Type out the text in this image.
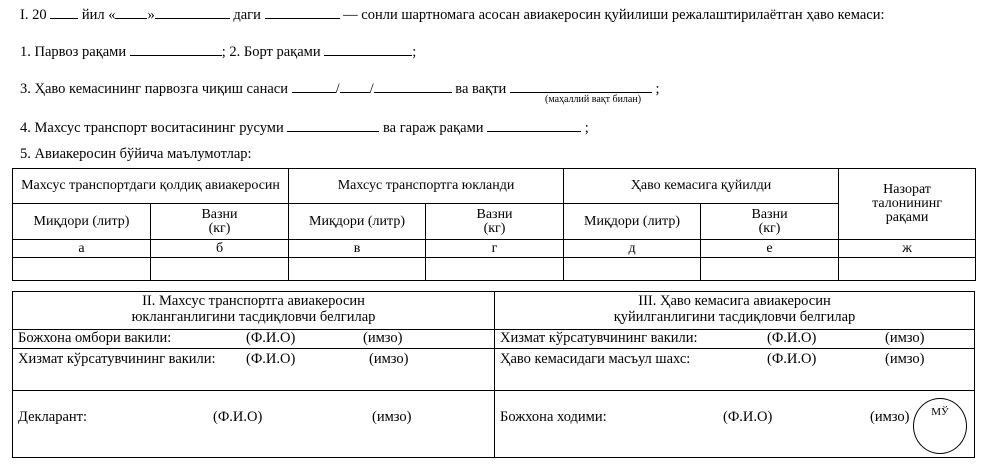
I. 20 йил « »	даги	— сонли шартномага асосан авиакеросин қуйилиши режалаштирилаётган ҳаво кемаси:
1. Парвоз рақами	; 2. Борт рақами	;
3. Ҳаво кемасининг парвозга чиқиш санаси	/ /	ва вақти	;
(маҳаллий вақт билан)
4. Махсус транспорт воситасининг русуми	ва гараж рақами	;
5. Авиакеросин бўйича маълумотлар:
Махсус транспортдаги қолдиқ авиакеросин		Махсус транспортга юкланди		Ҳаво кемасига қуйилди		Назорат талонининг рақами
Миқдори (литр)	Вазни (кг)	Миқдори (литр)	Вазни (кг)	Миқдори (литр)	Вазни (кг)	
а	б	в	г	д	е	ж

II. Махсус транспортга авиакеросин юкланганлигини тасдиқловчи белгилар
Божхона омбори вакили:	(Ф.И.О)	(имзо)
Хизмат кўрсатувчининг вакили: (Ф.И.О)	(имзо)
Декларант:	(Ф.И.О)	(имзо)
III. Ҳаво кемасига авиакеросин қуйилганлигини тасдиқловчи белгилар
Хизмат кўрсатувчининг вакили:	(Ф.И.О)	(имзо)
Ҳаво кемасидаги масъул шахс:	(Ф.И.О)	(имзо)
Божхона ходими:	(Ф.И.О)	(имзо)	МЎ
